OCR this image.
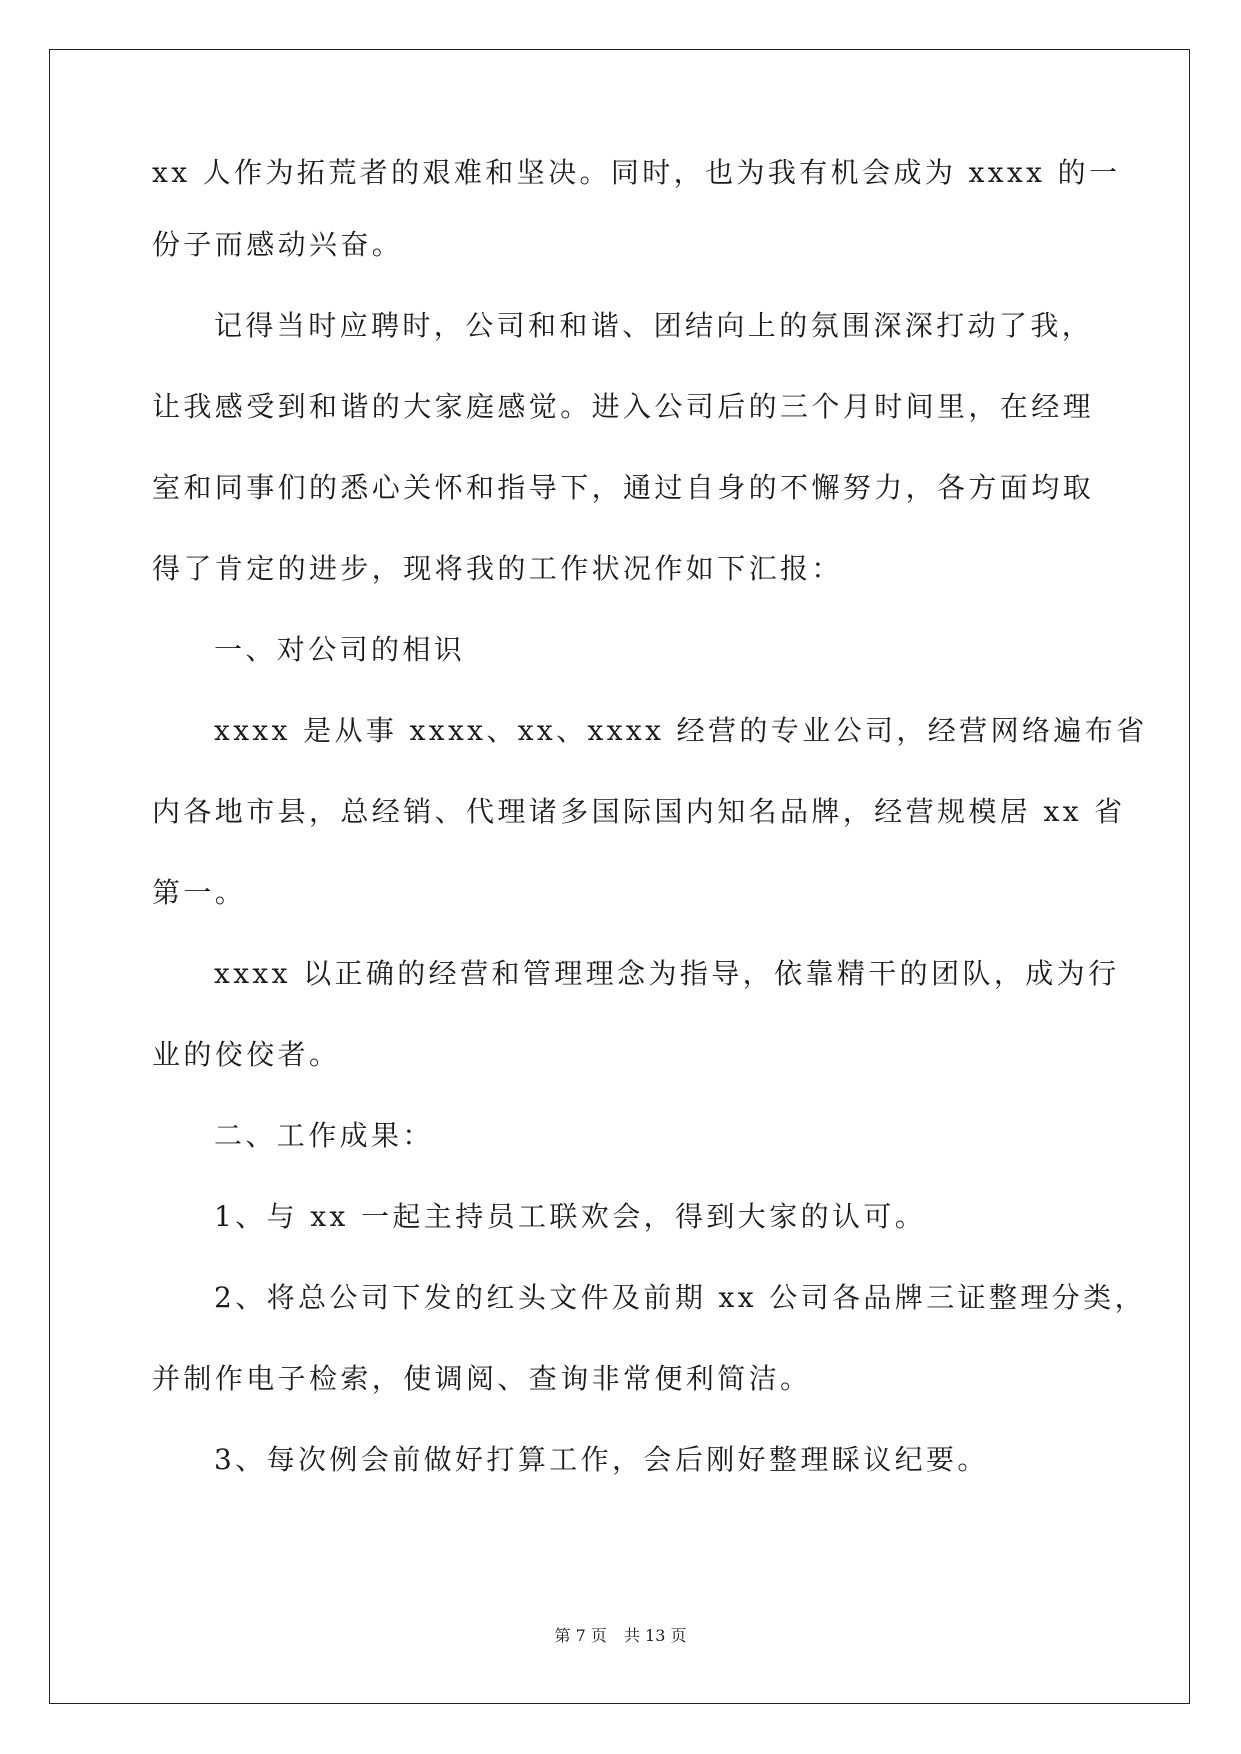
xx 人作为拓荒者的艰难和坚决。同时，也为我有机会成为 xxxx 的一
份子而感动兴奋。
记得当时应聘时，公司和和谐、团结向上的氛围深深打动了我，
让我感受到和谐的大家庭感觉。进入公司后的三个月时间里，在经理
室和同事们的悉心关怀和指导下，通过自身的不懈努力，各方面均取
得了肯定的进步，现将我的工作状况作如下汇报：
一、对公司的相识
xxxx 是从事 xxxx、xx、xxxx 经营的专业公司，经营网络遍布省
内各地市县，总经销、代理诸多国际国内知名品牌，经营规模居 xx 省
第一。
xxxx 以正确的经营和管理理念为指导，依靠精干的团队，成为行
业的佼佼者。
二、工作成果：
1、与 xx 一起主持员工联欢会，得到大家的认可。
2、将总公司下发的红头文件及前期 xx 公司各品牌三证整理分类，
并制作电子检索，使调阅、查询非常便利简洁。
3、每次例会前做好打算工作，会后刚好整理睬议纪要。
第 7 页 共 13 页
